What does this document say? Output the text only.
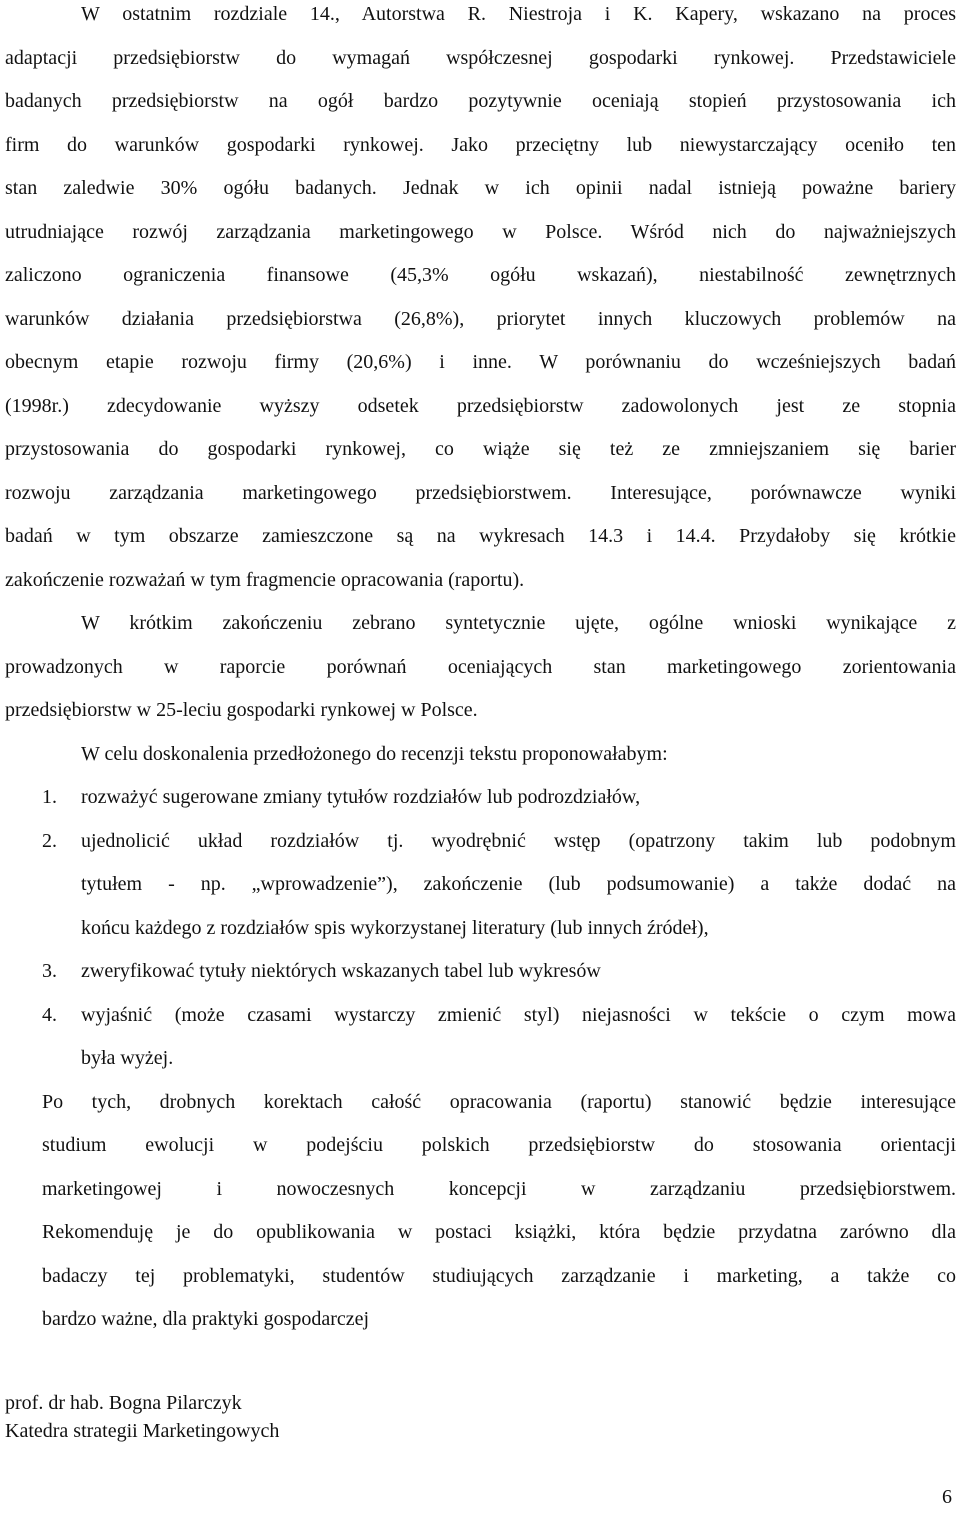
W ostatnim rozdziale 14., Autorstwa R. Niestroja i K. Kapery, wskazano na proces
adaptacji przedsiębiorstw do wymagań współczesnej gospodarki rynkowej. Przedstawiciele
badanych przedsiębiorstw na ogół bardzo pozytywnie oceniają stopień przystosowania ich
firm do warunków gospodarki rynkowej. Jako przeciętny lub niewystarczający oceniło ten
stan zaledwie 30% ogółu badanych. Jednak w ich opinii nadal istnieją poważne bariery
utrudniające rozwój zarządzania marketingowego w Polsce. Wśród nich do najważniejszych
zaliczono ograniczenia finansowe (45,3% ogółu wskazań), niestabilność zewnętrznych
warunków działania przedsiębiorstwa (26,8%), priorytet innych kluczowych problemów na
obecnym etapie rozwoju firmy (20,6%) i inne. W porównaniu do wcześniejszych badań
(1998r.) zdecydowanie wyższy odsetek przedsiębiorstw zadowolonych jest ze stopnia
przystosowania do gospodarki rynkowej, co wiąże się też ze zmniejszaniem się barier
rozwoju zarządzania marketingowego przedsiębiorstwem. Interesujące, porównawcze wyniki
badań w tym obszarze zamieszczone są na wykresach 14.3 i 14.4. Przydałoby się krótkie
zakończenie rozważań w tym fragmencie opracowania (raportu).
W krótkim zakończeniu zebrano syntetycznie ujęte, ogólne wnioski wynikające z
prowadzonych w raporcie porównań oceniających stan marketingowego zorientowania
przedsiębiorstw w 25-leciu gospodarki rynkowej w Polsce.
W celu doskonalenia przedłożonego do recenzji tekstu proponowałabym:
1. rozważyć sugerowane zmiany tytułów rozdziałów lub podrozdziałów,
2. ujednolicić układ rozdziałów tj. wyodrębnić wstęp (opatrzony takim lub podobnym
tytułem - np. „wprowadzenie”), zakończenie (lub podsumowanie) a także dodać na
końcu każdego z rozdziałów spis wykorzystanej literatury (lub innych źródeł),
3. zweryfikować tytuły niektórych wskazanych tabel lub wykresów
4. wyjaśnić (może czasami wystarczy zmienić styl) niejasności w tekście o czym mowa
była wyżej.
Po tych, drobnych korektach całość opracowania (raportu) stanowić będzie interesujące
studium ewolucji w podejściu polskich przedsiębiorstw do stosowania orientacji
marketingowej i nowoczesnych koncepcji w zarządzaniu przedsiębiorstwem.
Rekomenduję je do opublikowania w postaci książki, która będzie przydatna zarówno dla
badaczy tej problematyki, studentów studiujących zarządzanie i marketing, a także co
bardzo ważne, dla praktyki gospodarczej
prof. dr hab. Bogna Pilarczyk
Katedra strategii Marketingowych
6
